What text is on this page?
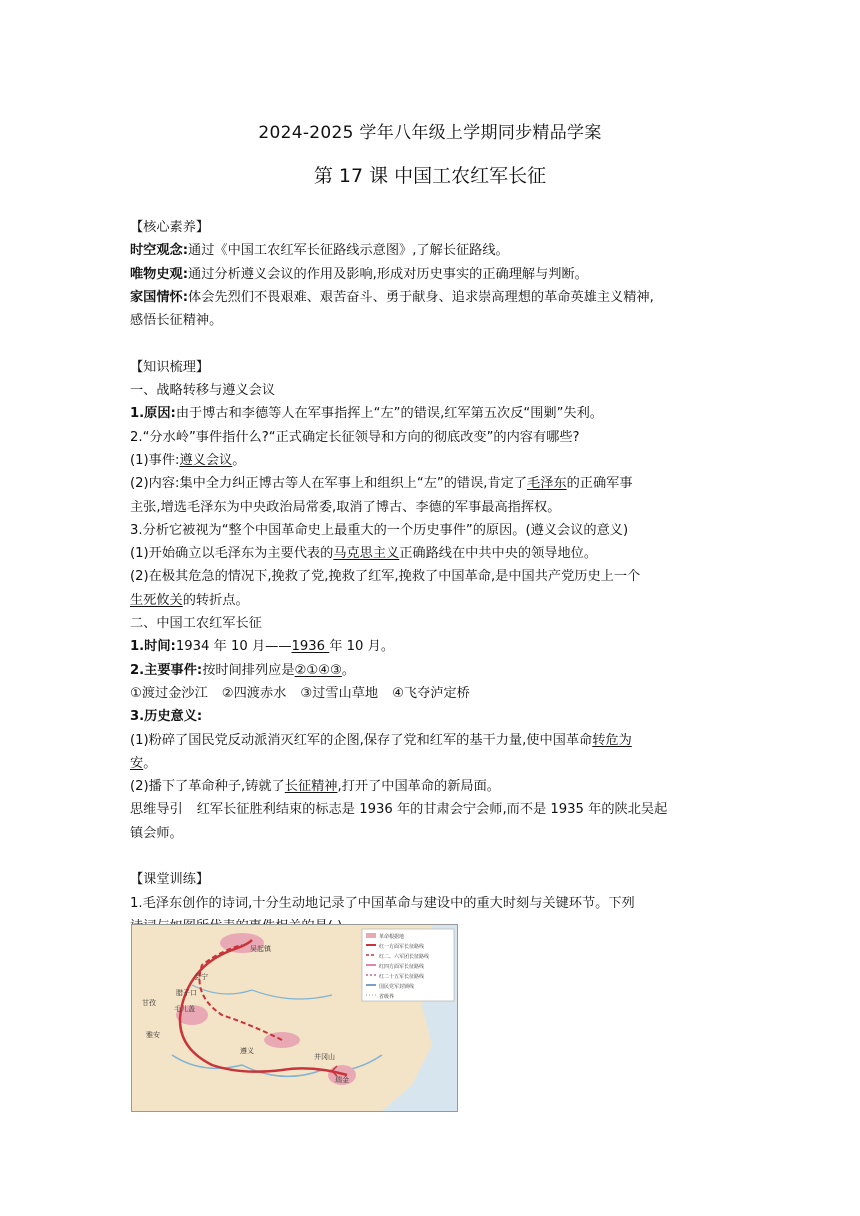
2024-2025 学年八年级上学期同步精品学案
第 17 课 中国工农红军长征
【核心素养】
时空观念:通过《中国工农红军长征路线示意图》,了解长征路线。
唯物史观:通过分析遵义会议的作用及影响,形成对历史事实的正确理解与判断。
家国情怀:体会先烈们不畏艰难、艰苦奋斗、勇于献身、追求崇高理想的革命英雄主义精神,
感悟长征精神。
【知识梳理】
一、战略转移与遵义会议
1.原因:由于博古和李德等人在军事指挥上“左”的错误,红军第五次反“围剿”失利。
2.“分水岭”事件指什么?“正式确定长征领导和方向的彻底改变”的内容有哪些?
(1)事件:遵义会议。
(2)内容:集中全力纠正博古等人在军事上和组织上“左”的错误,肯定了毛泽东的正确军事
主张,增选毛泽东为中央政治局常委,取消了博古、李德的军事最高指挥权。
3.分析它被视为“整个中国革命史上最重大的一个历史事件”的原因。(遵义会议的意义)
(1)开始确立以毛泽东为主要代表的马克思主义正确路线在中共中央的领导地位。
(2)在极其危急的情况下,挽救了党,挽救了红军,挽救了中国革命,是中国共产党历史上一个
生死攸关的转折点。
二、中国工农红军长征
1.时间:1934 年 10 月——1936 年 10 月。
2.主要事件:按时间排列应是②①④③。
①渡过金沙江 ②四渡赤水 ③过雪山草地 ④飞夺泸定桥
3.历史意义:
(1)粉碎了国民党反动派消灭红军的企图,保存了党和红军的基干力量,使中国革命转危为
安。
(2)播下了革命种子,铸就了长征精神,打开了中国革命的新局面。
思维导引 红军长征胜利结束的标志是 1936 年的甘肃会宁会师,而不是 1935 年的陕北吴起
镇会师。
【课堂训练】
1.毛泽东创作的诗词,十分生动地记录了中国革命与建设中的重大时刻与关键环节。下列
革命根据地
红一方面军长征路线
红二、六军团长征路线
红四方面军长征路线
红二十五军长征路线
国民党军封锁线
省级界
吴起镇
会宁
腊子口
甘孜
毛儿盖
雅安
遵义
井冈山
瑞金
